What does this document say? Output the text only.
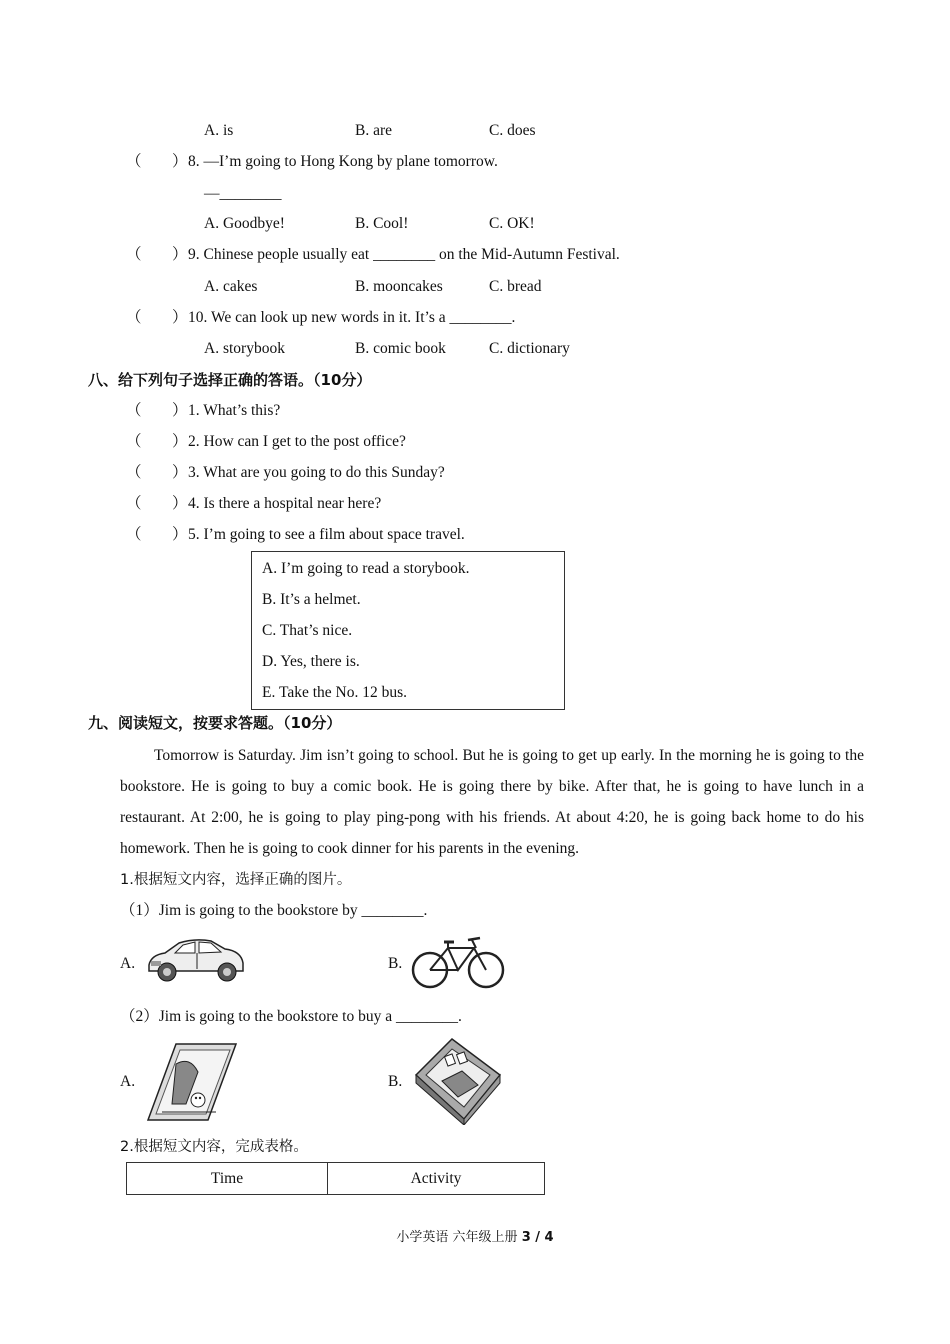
A. is	B. are	C. does
（ ） 8. —I’m going to Hong Kong by plane tomorrow.
—________
A. Goodbye!	B. Cool!	C. OK!
（ ） 9. Chinese people usually eat ________ on the Mid-Autumn Festival.
A. cakes	B. mooncakes	C. bread
（ ） 10. We can look up new words in it. It’s a ________.
A. storybook	B. comic book	C. dictionary
八、给下列句子选择正确的答语。（10分）
（ ） 1. What’s this?
（ ） 2. How can I get to the post office?
（ ） 3. What are you going to do this Sunday?
（ ） 4. Is there a hospital near here?
（ ） 5. I’m going to see a film about space travel.
A. I’m going to read a storybook.
B. It’s a helmet.
C. That’s nice.
D. Yes, there is.
E. Take the No. 12 bus.
九、阅读短文，按要求答题。（10分）

Tomorrow is Saturday. Jim isn’t going to school. But he is going to get up early. In the morning he is going to the bookstore. He is going to buy a comic book. He is going there by bike. After that, he is going to have lunch in a restaurant. At 2:00, he is going to play ping-pong with his friends. At about 4:20, he is going back home to do his homework. Then he is going to cook dinner for his parents in the evening.

1.根据短文内容，选择正确的图片。
（1）Jim is going to the bookstore by ________.
A.	B.
（2）Jim is going to the bookstore to buy a ________.
A.	B.
2.根据短文内容，完成表格。
Time	Activity
小学英语 六年级上册 3 / 4
